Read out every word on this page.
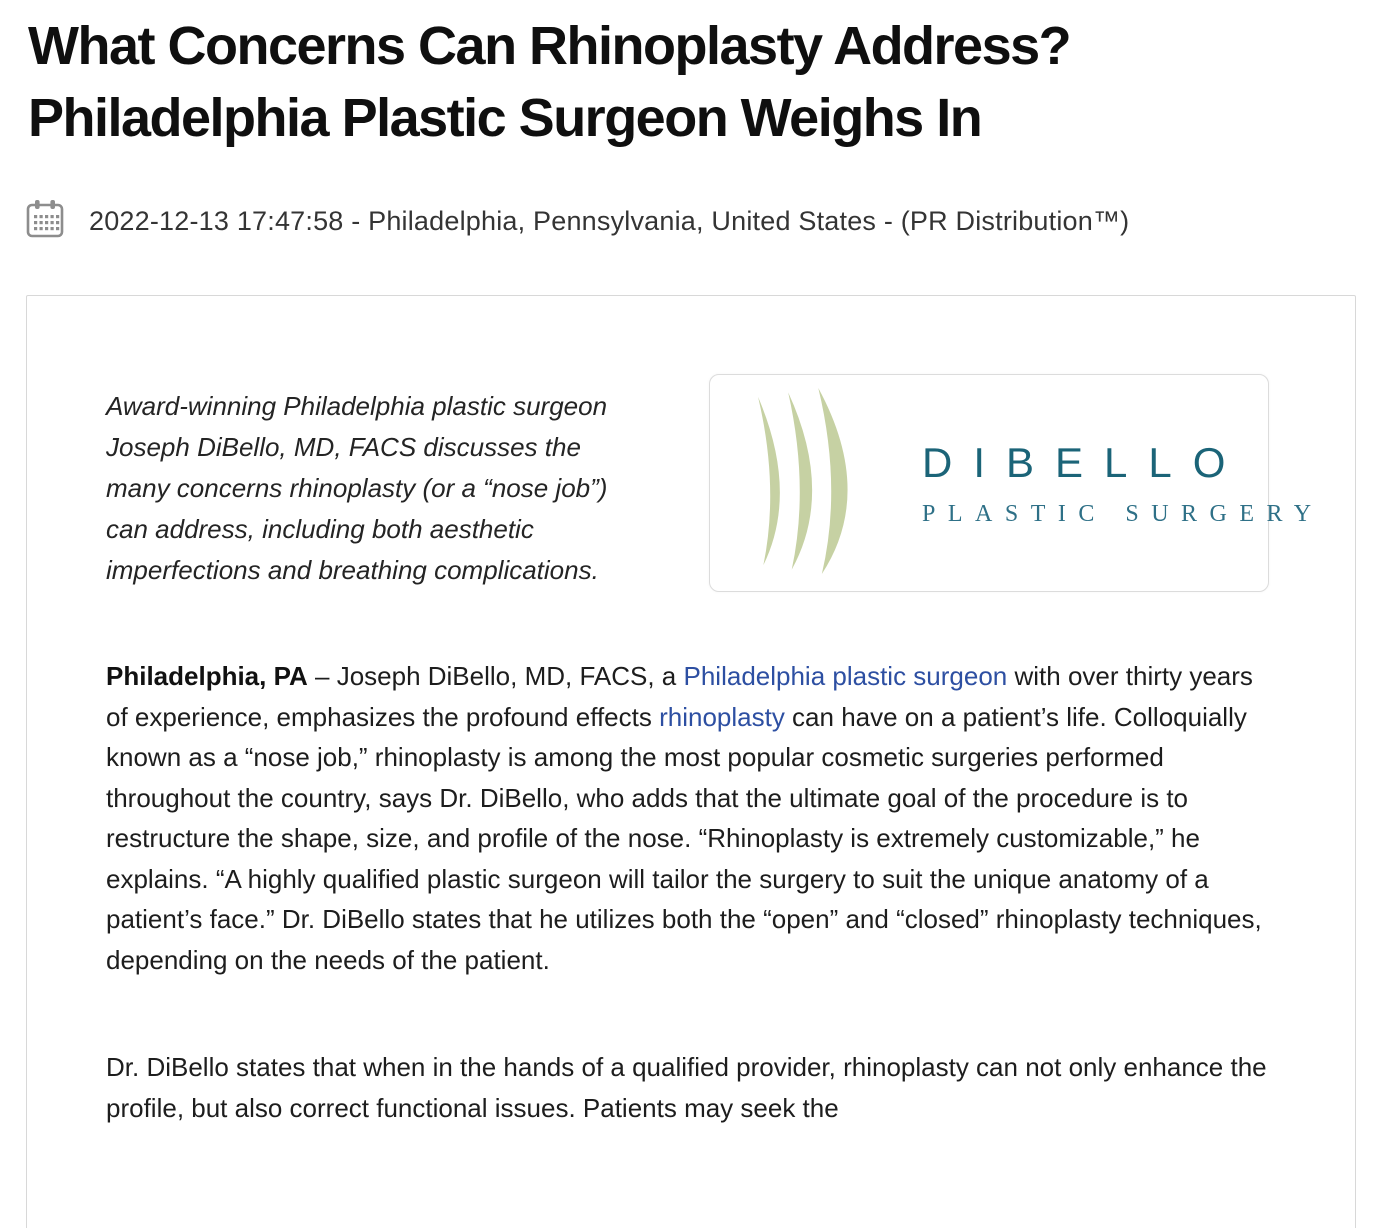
What Concerns Can Rhinoplasty Address? Philadelphia Plastic Surgeon Weighs In
2022-12-13 17:47:58 - Philadelphia, Pennsylvania, United States - (PR Distribution™)

Award-winning Philadelphia plastic surgeon Joseph DiBello, MD, FACS discusses the many concerns rhinoplasty (or a “nose job”) can address, including both aesthetic imperfections and breathing complications.

DIBELLO
PLASTIC SURGERY

Philadelphia, PA – Joseph DiBello, MD, FACS, a Philadelphia plastic surgeon with over thirty years of experience, emphasizes the profound effects rhinoplasty can have on a patient’s life. Colloquially known as a “nose job,” rhinoplasty is among the most popular cosmetic surgeries performed throughout the country, says Dr. DiBello, who adds that the ultimate goal of the procedure is to restructure the shape, size, and profile of the nose. “Rhinoplasty is extremely customizable,” he explains. “A highly qualified plastic surgeon will tailor the surgery to suit the unique anatomy of a patient’s face.” Dr. DiBello states that he utilizes both the “open” and “closed” rhinoplasty techniques, depending on the needs of the patient.

Dr. DiBello states that when in the hands of a qualified provider, rhinoplasty can not only enhance the profile, but also correct functional issues. Patients may seek the
